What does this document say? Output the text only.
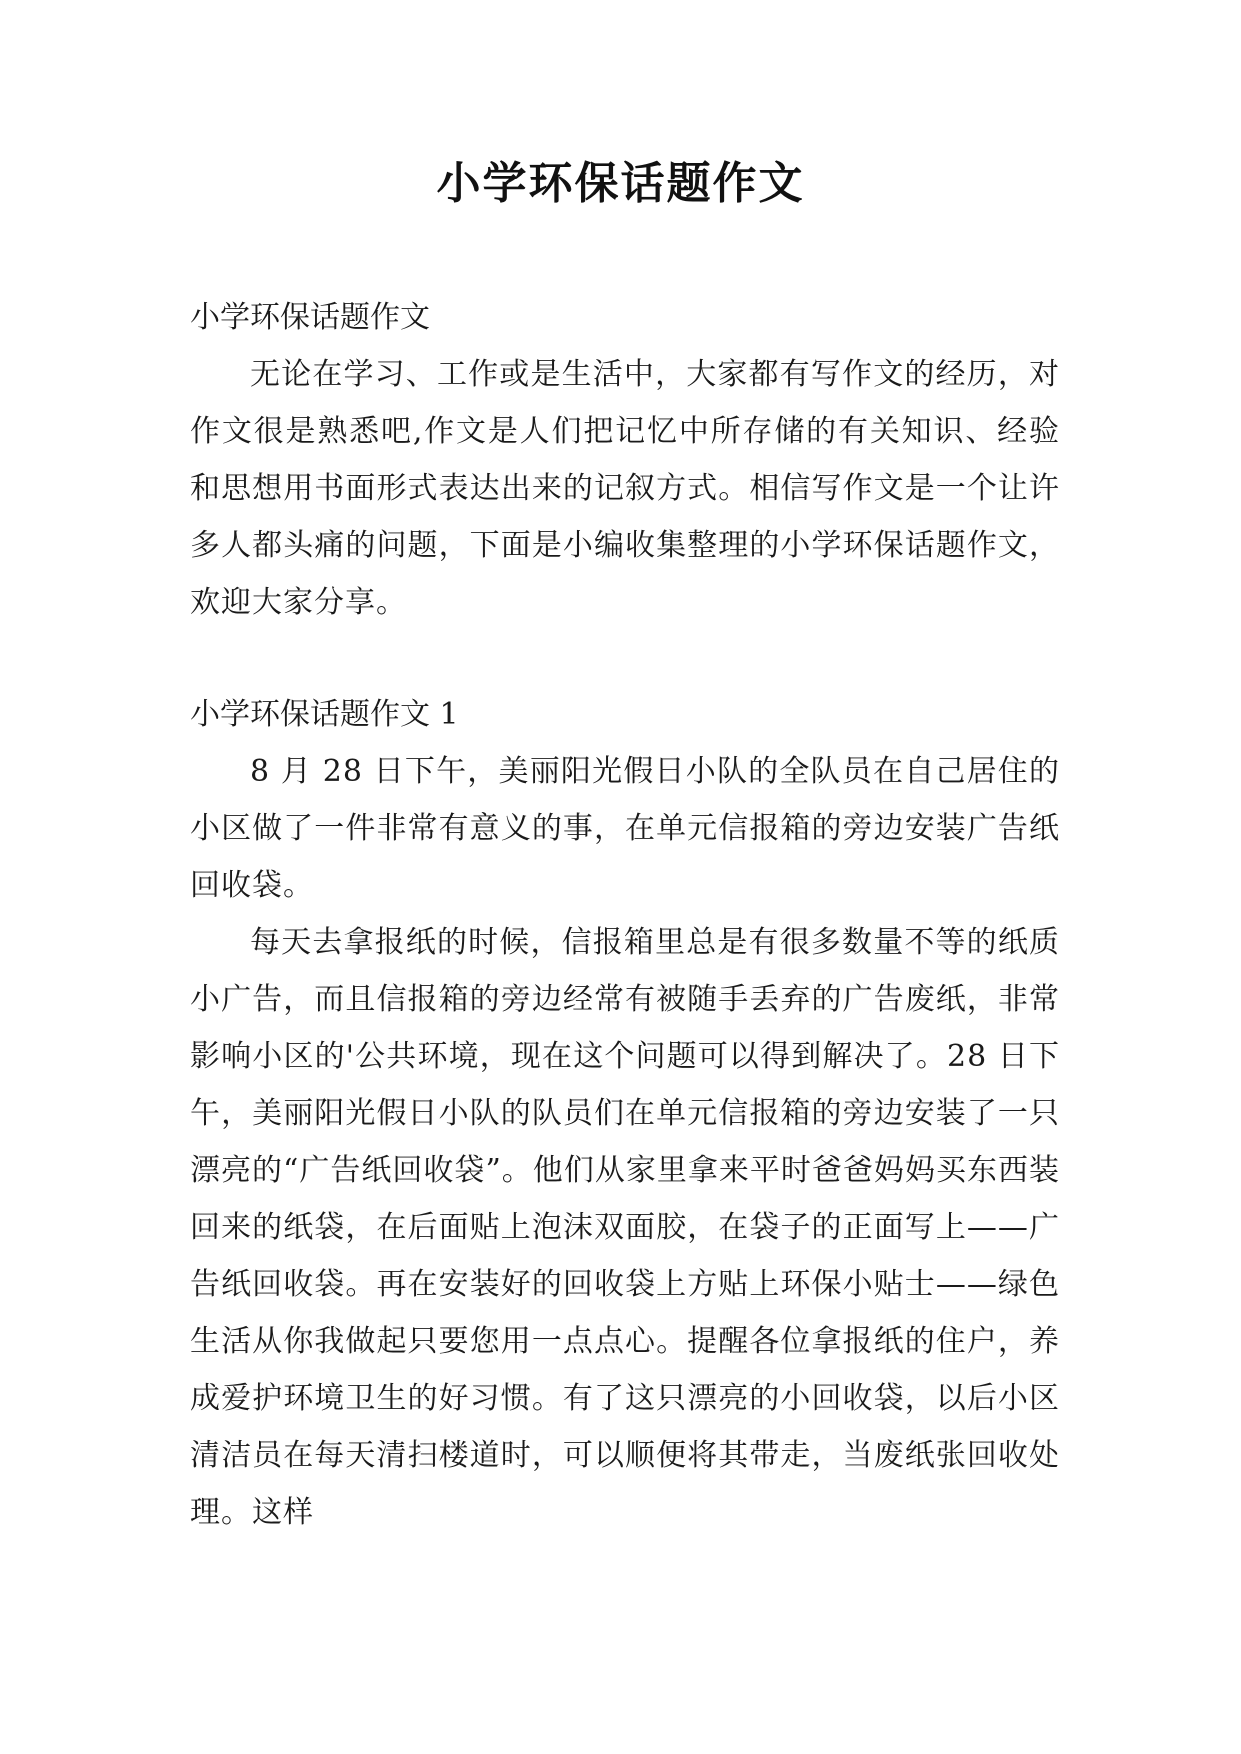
小学环保话题作文

小学环保话题作文

无论在学习、工作或是生活中，大家都有写作文的经历，对作文很是熟悉吧,作文是人们把记忆中所存储的有关知识、经验和思想用书面形式表达出来的记叙方式。相信写作文是一个让许多人都头痛的问题，下面是小编收集整理的小学环保话题作文，欢迎大家分享。

小学环保话题作文 1

8 月 28 日下午，美丽阳光假日小队的全队员在自己居住的小区做了一件非常有意义的事，在单元信报箱的旁边安装广告纸回收袋。

每天去拿报纸的时候，信报箱里总是有很多数量不等的纸质小广告，而且信报箱的旁边经常有被随手丢弃的广告废纸，非常影响小区的'公共环境，现在这个问题可以得到解决了。28 日下午，美丽阳光假日小队的队员们在单元信报箱的旁边安装了一只漂亮的“广告纸回收袋”。他们从家里拿来平时爸爸妈妈买东西装回来的纸袋，在后面贴上泡沫双面胶，在袋子的正面写上——广告纸回收袋。再在安装好的回收袋上方贴上环保小贴士——绿色生活从你我做起只要您用一点点心。提醒各位拿报纸的住户，养成爱护环境卫生的好习惯。有了这只漂亮的小回收袋，以后小区清洁员在每天清扫楼道时，可以顺便将其带走，当废纸张回收处理。这样
